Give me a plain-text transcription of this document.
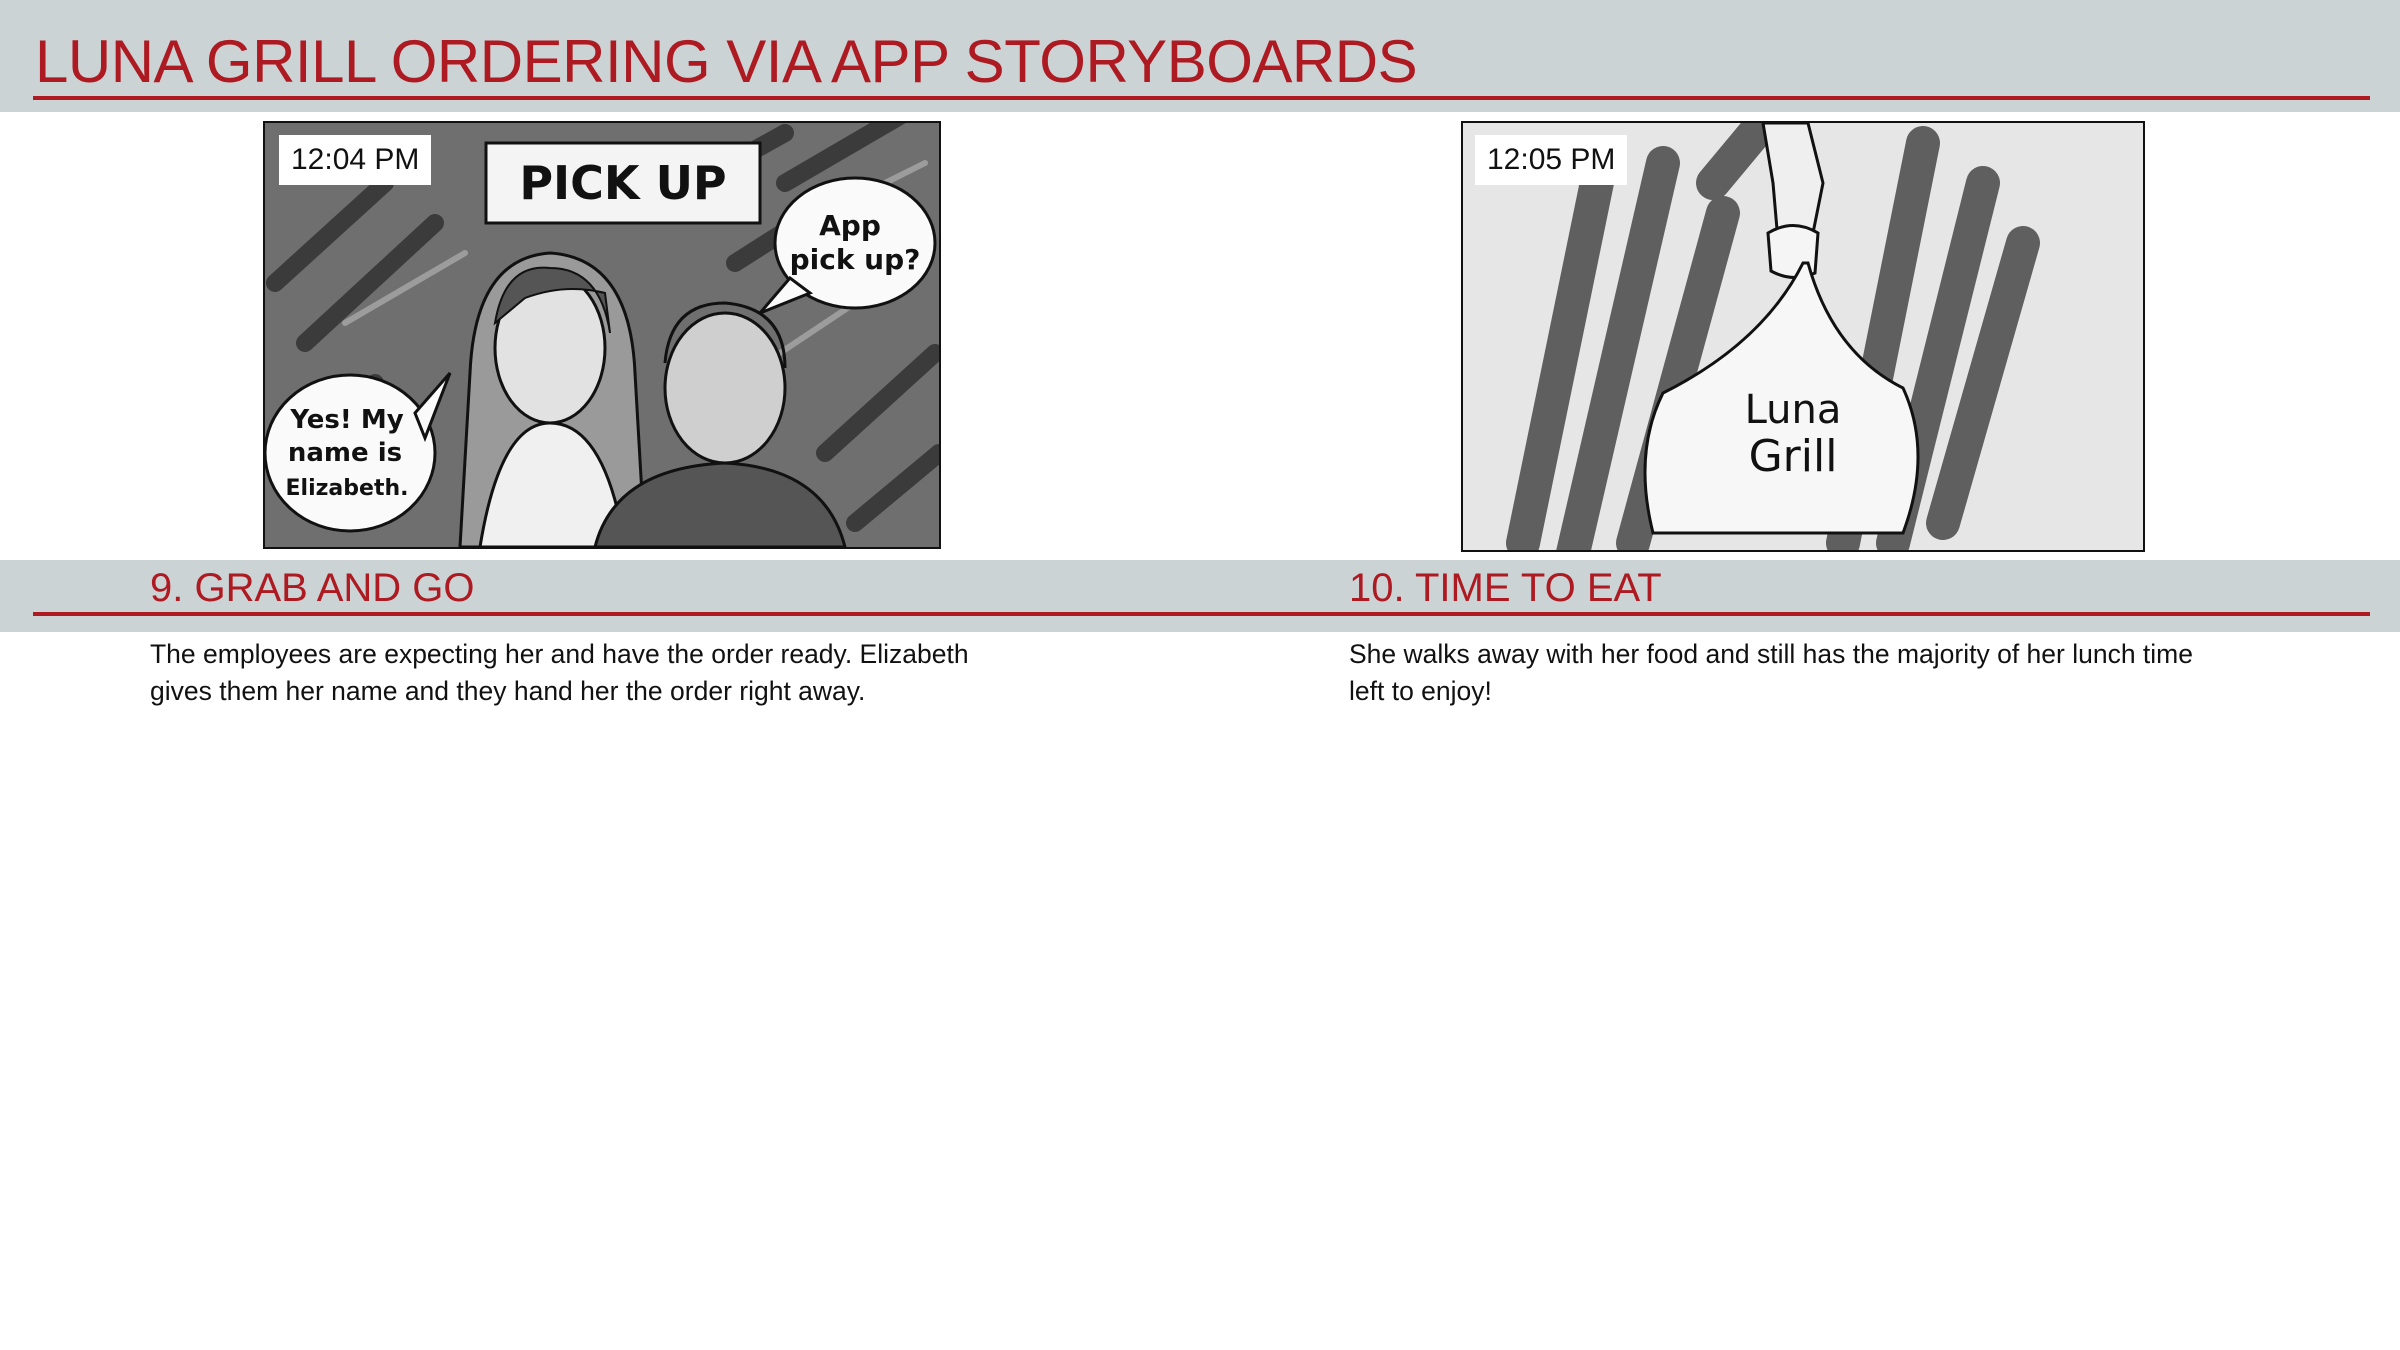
LUNA GRILL ORDERING VIA APP STORYBOARDS
PICK UP
App
pick up?
Yes! My
name is
Elizabeth.
12:04 PM
Luna
Grill
12:05 PM
9. GRAB AND GO	10. TIME TO EAT
The employees are expecting her and have the order ready. Elizabeth gives them her name and they hand her the order right away.
She walks away with her food and still has the majority of her lunch time left to enjoy!
